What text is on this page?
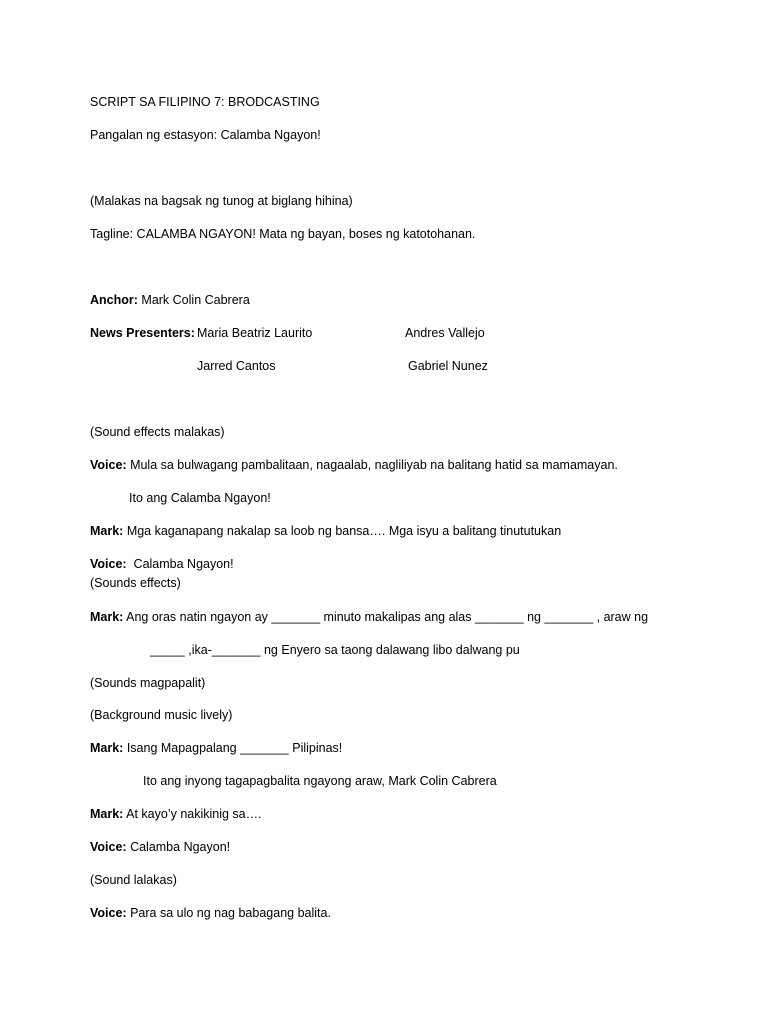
SCRIPT SA FILIPINO 7: BRODCASTING
Pangalan ng estasyon: Calamba Ngayon!
(Malakas na bagsak ng tunog at biglang hihina)
Tagline: CALAMBA NGAYON! Mata ng bayan, boses ng katotohanan.
Anchor: Mark Colin Cabrera
News Presenters: Maria Beatriz Laurito	Andres Vallejo
Jarred Cantos	Gabriel Nunez
(Sound effects malakas)
Voice: Mula sa bulwagang pambalitaan, nagaalab, nagliliyab na balitang hatid sa mamamayan.
Ito ang Calamba Ngayon!
Mark: Mga kaganapang nakalap sa loob ng bansa…. Mga isyu a balitang tinututukan
Voice:  Calamba Ngayon!
(Sounds effects)
Mark: Ang oras natin ngayon ay _______ minuto makalipas ang alas _______ ng _______ , araw ng
_____ ,ika-_______ ng Enyero sa taong dalawang libo dalwang pu
(Sounds magpapalit)
(Background music lively)
Mark: Isang Mapagpalang _______ Pilipinas!
Ito ang inyong tagapagbalita ngayong araw, Mark Colin Cabrera
Mark: At kayo’y nakikinig sa….
Voice: Calamba Ngayon!
(Sound lalakas)
Voice: Para sa ulo ng nag babagang balita.
